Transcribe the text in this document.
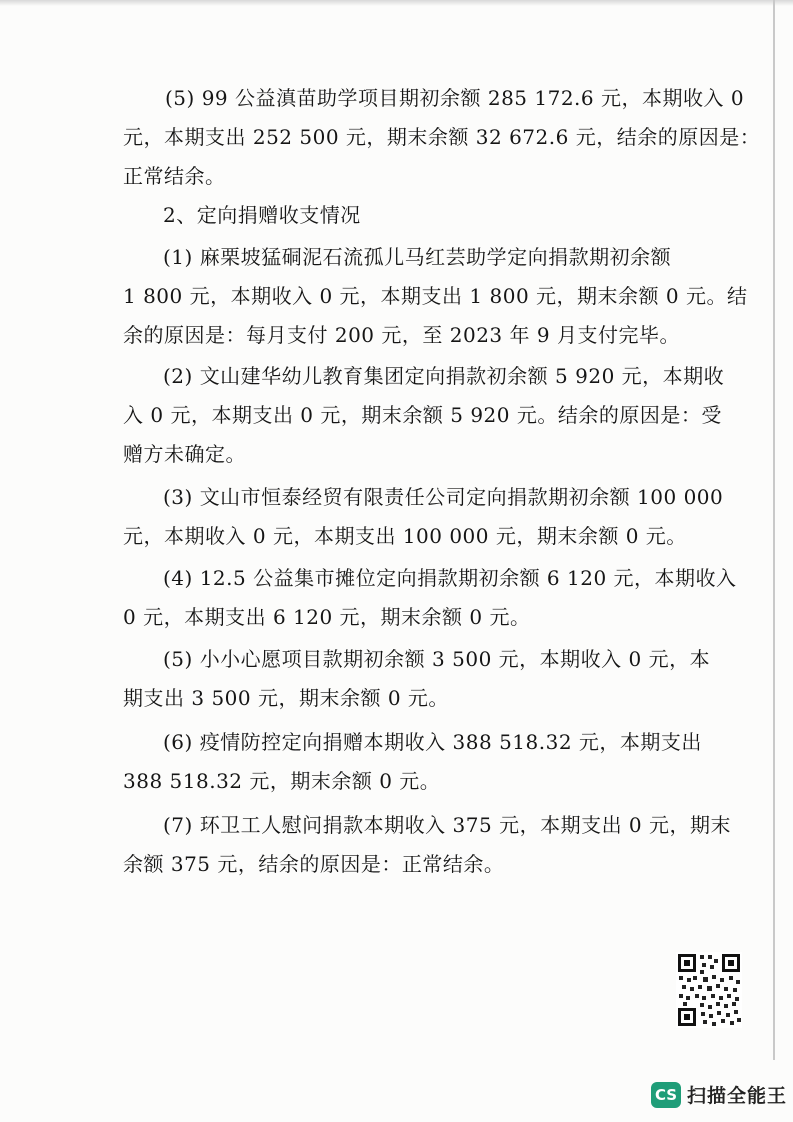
(5) 99 公益滇苗助学项目期初余额 285 172.6 元，本期收入 0
元，本期支出 252 500 元，期末余额 32 672.6 元，结余的原因是：
正常结余。
2、定向捐赠收支情况
(1) 麻栗坡猛硐泥石流孤儿马红芸助学定向捐款期初余额
1 800 元，本期收入 0 元，本期支出 1 800 元，期末余额 0 元。结
余的原因是：每月支付 200 元，至 2023 年 9 月支付完毕。
(2) 文山建华幼儿教育集团定向捐款初余额 5 920 元，本期收
入 0 元，本期支出 0 元，期末余额 5 920 元。结余的原因是：受
赠方未确定。
(3) 文山市恒泰经贸有限责任公司定向捐款期初余额 100 000
元，本期收入 0 元，本期支出 100 000 元，期末余额 0 元。
(4) 12.5 公益集市摊位定向捐款期初余额 6 120 元，本期收入
0 元，本期支出 6 120 元，期末余额 0 元。
(5) 小小心愿项目款期初余额 3 500 元，本期收入 0 元，本
期支出 3 500 元，期末余额 0 元。
(6) 疫情防控定向捐赠本期收入 388 518.32 元，本期支出
388 518.32 元，期末余额 0 元。
(7) 环卫工人慰问捐款本期收入 375 元，本期支出 0 元，期末
余额 375 元，结余的原因是：正常结余。
CS 扫描全能王
